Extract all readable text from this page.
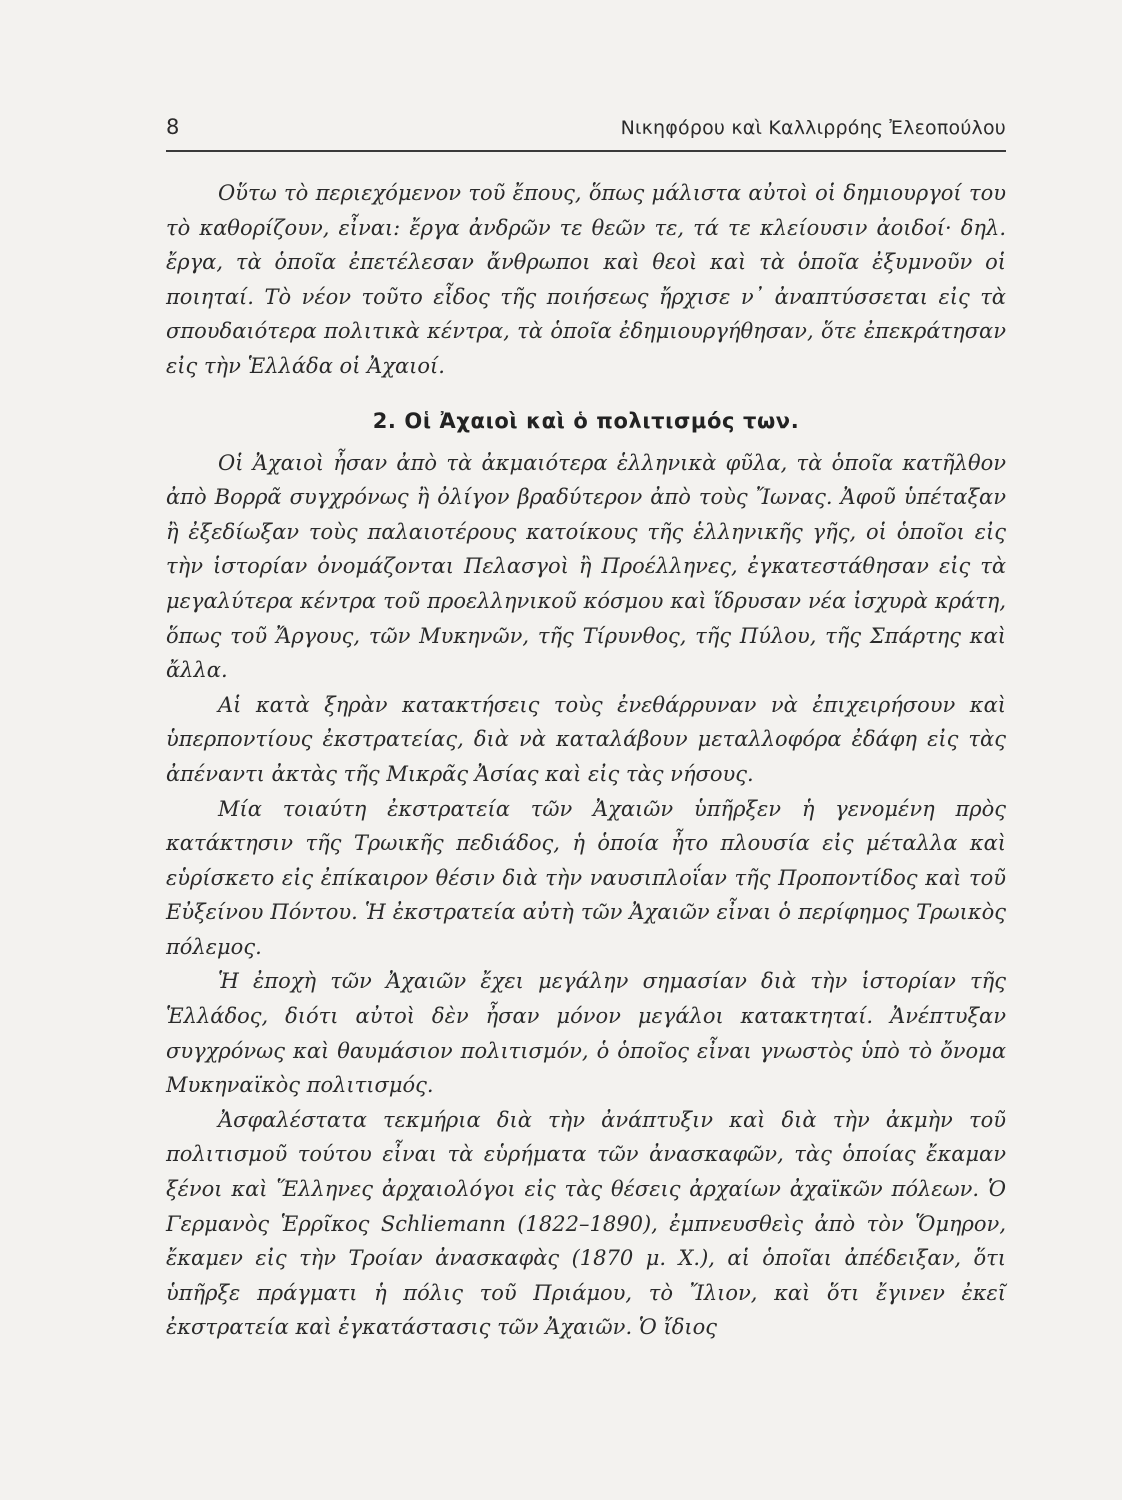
8	Νικηφόρου καὶ Καλλιρρόης Ἐλεοπούλου

Οὕτω τὸ περιεχόμενον τοῦ ἔπους, ὅπως μάλιστα αὐτοὶ οἱ δημιουργοί του τὸ καθορίζουν, εἶναι: ἔργα ἀνδρῶν τε θεῶν τε, τά τε κλείουσιν ἀοιδοί· δηλ. ἔργα, τὰ ὁποῖα ἐπετέλεσαν ἄνθρωποι καὶ θεοὶ καὶ τὰ ὁποῖα ἐξυμνοῦν οἱ ποιηταί. Τὸ νέον τοῦτο εἶδος τῆς ποιήσεως ἤρχισε ν᾿ ἀναπτύσσεται εἰς τὰ σπουδαιότερα πολιτικὰ κέντρα, τὰ ὁποῖα ἐδημιουργήθησαν, ὅτε ἐπεκράτησαν εἰς τὴν Ἑλλάδα οἱ Ἀχαιοί.

2. Οἱ Ἀχαιοὶ καὶ ὁ πολιτισμός των.

Οἱ Ἀχαιοὶ ἦσαν ἀπὸ τὰ ἀκμαιότερα ἑλληνικὰ φῦλα, τὰ ὁποῖα κατῆλθον ἀπὸ Βορρᾶ συγχρόνως ἢ ὀλίγον βραδύτερον ἀπὸ τοὺς Ἴωνας. Ἀφοῦ ὑπέταξαν ἢ ἐξεδίωξαν τοὺς παλαιοτέρους κατοίκους τῆς ἑλληνικῆς γῆς, οἱ ὁποῖοι εἰς τὴν ἱστορίαν ὀνομάζονται Πελασγοὶ ἢ Προέλληνες, ἐγκατεστάθησαν εἰς τὰ μεγαλύτερα κέντρα τοῦ προελληνικοῦ κόσμου καὶ ἵδρυσαν νέα ἰσχυρὰ κράτη, ὅπως τοῦ Ἄργους, τῶν Μυκηνῶν, τῆς Τίρυνθος, τῆς Πύλου, τῆς Σπάρτης καὶ ἄλλα.

Αἱ κατὰ ξηρὰν κατακτήσεις τοὺς ἐνεθάρρυναν νὰ ἐπιχειρήσουν καὶ ὑπερποντίους ἐκστρατείας, διὰ νὰ καταλάβουν μεταλλοφόρα ἐδάφη εἰς τὰς ἀπέναντι ἀκτὰς τῆς Μικρᾶς Ἀσίας καὶ εἰς τὰς νήσους.

Μία τοιαύτη ἐκστρατεία τῶν Ἀχαιῶν ὑπῆρξεν ἡ γενομένη πρὸς κατάκτησιν τῆς Τρωικῆς πεδιάδος, ἡ ὁποία ἦτο πλουσία εἰς μέταλλα καὶ εὑρίσκετο εἰς ἐπίκαιρον θέσιν διὰ τὴν ναυσιπλοΐαν τῆς Προποντίδος καὶ τοῦ Εὐξείνου Πόντου. Ἡ ἐκστρατεία αὐτὴ τῶν Ἀχαιῶν εἶναι ὁ περίφημος Τρωικὸς πόλεμος.

Ἡ ἐποχὴ τῶν Ἀχαιῶν ἔχει μεγάλην σημασίαν διὰ τὴν ἱστορίαν τῆς Ἑλλάδος, διότι αὐτοὶ δὲν ἦσαν μόνον μεγάλοι κατακτηταί. Ἀνέπτυξαν συγχρόνως καὶ θαυμάσιον πολιτισμόν, ὁ ὁποῖος εἶναι γνωστὸς ὑπὸ τὸ ὄνομα Μυκηναϊκὸς πολιτισμός.

Ἀσφαλέστατα τεκμήρια διὰ τὴν ἀνάπτυξιν καὶ διὰ τὴν ἀκμὴν τοῦ πολιτισμοῦ τούτου εἶναι τὰ εὑρήματα τῶν ἀνασκαφῶν, τὰς ὁποίας ἔκαμαν ξένοι καὶ Ἕλληνες ἀρχαιολόγοι εἰς τὰς θέσεις ἀρχαίων ἀχαϊκῶν πόλεων. Ὁ Γερμανὸς Ἑρρῖκος Schliemann (1822–1890), ἐμπνευσθεὶς ἀπὸ τὸν Ὅμηρον, ἔκαμεν εἰς τὴν Τροίαν ἀνασκαφὰς (1870 μ. Χ.), αἱ ὁποῖαι ἀπέδειξαν, ὅτι ὑπῆρξε πράγματι ἡ πόλις τοῦ Πριάμου, τὸ Ἴλιον, καὶ ὅτι ἔγινεν ἐκεῖ ἐκστρατεία καὶ ἐγκατάστασις τῶν Ἀχαιῶν. Ὁ ἴδιος
